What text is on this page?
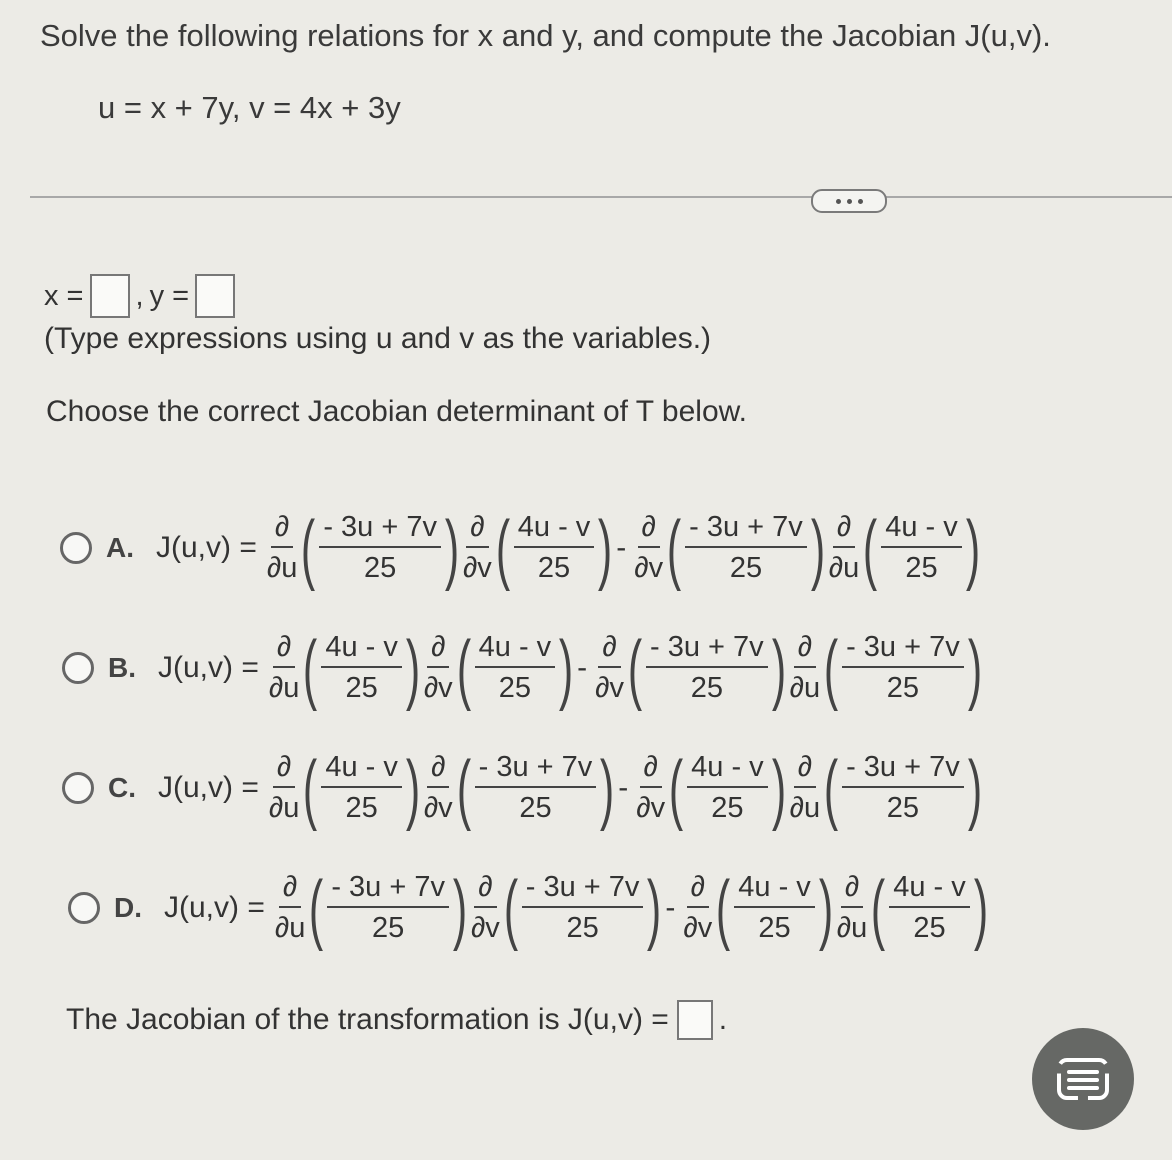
Solve the following relations for x and y, and compute the Jacobian J(u,v).
u = x + 7y, v = 4x + 3y
x = , y =
(Type expressions using u and v as the variables.)
Choose the correct Jacobian determinant of T below.
A. $J(u,v) = \frac{\partial}{\partial u}$ ( $\frac{- 3u + 7v}{25}$ ) $\frac{\partial}{\partial v}$ ( $\frac{4u - v}{25}$ ) - $\frac{\partial}{\partial v}$ ( $\frac{- 3u + 7v}{25}$ ) $\frac{\partial}{\partial u}$ ( $\frac{4u - v}{25}$ )
B. $J(u,v) = \frac{\partial}{\partial u}$ ( $\frac{4u - v}{25}$ ) $\frac{\partial}{\partial v}$ ( $\frac{4u - v}{25}$ ) - $\frac{\partial}{\partial v}$ ( $\frac{- 3u + 7v}{25}$ ) $\frac{\partial}{\partial u}$ ( $\frac{- 3u + 7v}{25}$ )
C. $J(u,v) = \frac{\partial}{\partial u}$ ( $\frac{4u - v}{25}$ ) $\frac{\partial}{\partial v}$ ( $\frac{- 3u + 7v}{25}$ ) - $\frac{\partial}{\partial v}$ ( $\frac{4u - v}{25}$ ) $\frac{\partial}{\partial u}$ ( $\frac{- 3u + 7v}{25}$ )
D. $J(u,v) = \frac{\partial}{\partial u}$ ( $\frac{- 3u + 7v}{25}$ ) $\frac{\partial}{\partial v}$ ( $\frac{- 3u + 7v}{25}$ ) - $\frac{\partial}{\partial v}$ ( $\frac{4u - v}{25}$ ) $\frac{\partial}{\partial u}$ ( $\frac{4u - v}{25}$ )
The Jacobian of the transformation is J(u,v) = .
